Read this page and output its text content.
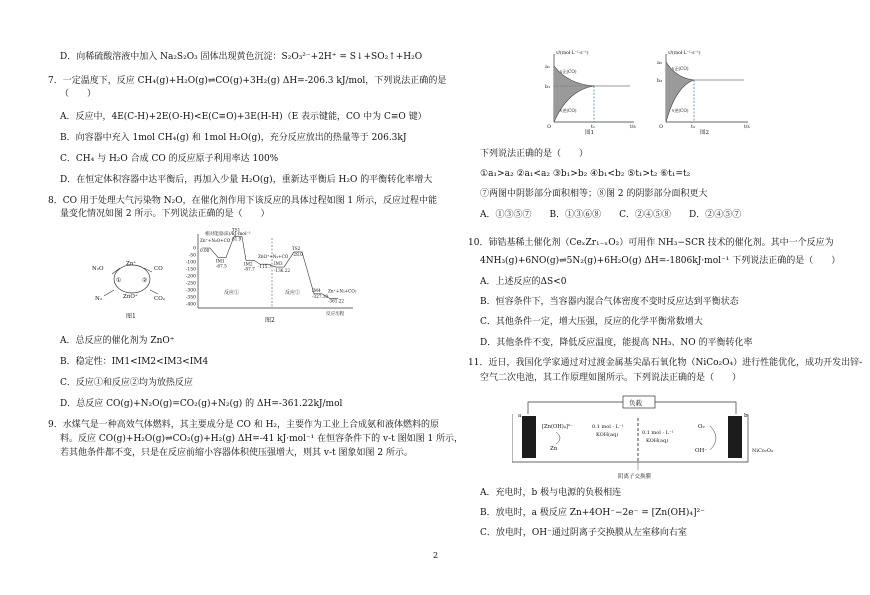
D．向稀硫酸溶液中加入 Na₂S₂O₃ 固体出现黄色沉淀：S₂O₃²⁻+2H⁺ = S↓+SO₂↑+H₂O
7．一定温度下，反应 CH₄(g)+H₂O(g)⇌CO(g)+3H₂(g) ΔH=-206.3 kJ/mol，下列说法正确的是
（　　）
A．反应中，4E(C-H)+2E(O-H)<E(C≡O)+3E(H-H)（E 表示键能，CO 中为 C≡O 键）
B．向容器中充入 1mol CH₄(g) 和 1mol H₂O(g)，充分反应放出的热量等于 206.3kJ
C．CH₄ 与 H₂O 合成 CO 的反应原子利用率达 100%
D．在恒定体积容器中达平衡后，再加入少量 H₂O(g)，重新达平衡后 H₂O 的平衡转化率增大
8．CO 用于处理大气污染物 N₂O，在催化剂作用下该反应的具体过程如图 1 所示，反应过程中能
量变化情况如图 2 所示。下列说法正确的是（　　）
N₂O
Zn⁺
CO
N₂	ZnO⁺	CO₂
①	②
图1
0
-50
-100
-150
-200
-250
-300
-350
-400
Zn⁺+N₂O+CO
0.00
IM1
-67.5
TS1
81.9
IM2
-87.7
ZnO⁺+N₂+CO
-115.7
IM3
-136.22
TS2
-28.0
IM4
-327.10
Zn⁺+N₂+CO₂
-361.22
相对能量(E)/kJ·mol⁻¹
反应历程
反应①	反应②
图2
A．总反应的催化剂为 ZnO⁺
B．稳定性：IM1<IM2<IM3<IM4
C．反应①和反应②均为放热反应
D．总反应 CO(g)+N₂O(g)=CO₂(g)+N₂(g) 的 ΔH=-361.22kJ/mol
9．水煤气是一种高效气体燃料，其主要成分是 CO 和 H₂，主要作为工业上合成氨和液体燃料的原
料。反应 CO(g)+H₂O(g)⇌CO₂(g)+H₂(g) ΔH=-41 kJ·mol⁻¹ 在恒容条件下的 v-t 图如图 1 所示，
若其他条件都不变，只是在反应前缩小容器体积使压强增大，则其 v-t 图象如图 2 所示。
v/(mol·L⁻¹·s⁻¹)
t/s
a₁
b₁
t₁
O
v正(CO)
v逆(CO)
图1
v/(mol·L⁻¹·s⁻¹)
t/s
a₂
b₂
t₂
O
v正(CO)
v逆(CO)
图2
下列说法正确的是（　　）
①a₁>a₂ ②a₁<a₂ ③b₁>b₂ ④b₁<b₂ ⑤t₁>t₂ ⑥t₁=t₂
⑦两图中阴影部分面积相等；⑧图 2 的阴影部分面积更大
A．①③⑤⑦　　B．①③⑥⑧　　C．②④⑤⑧　　D．②④⑤⑦
10．铈锆基稀土催化剂（CeₓZr₁₋ₓO₂）可用作 NH₃−SCR 技术的催化剂。其中一个反应为
4NH₃(g)+6NO(g)⇌5N₂(g)+6H₂O(g) ΔH=-1806kJ·mol⁻¹ 下列说法正确的是（　　）
A．上述反应的ΔS<0
B．恒容条件下，当容器内混合气体密度不变时反应达到平衡状态
C．其他条件一定，增大压强，反应的化学平衡常数增大
D．其他条件不变，降低反应温度，能提高 NH₃、NO 的平衡转化率
11．近日，我国化学家通过对过渡金属基尖晶石氧化物（NiCo₂O₄）进行性能优化，成功开发出锌-
空气二次电池，其工作原理如图所示。下列说法正确的是（　　）
负载
a	b
[Zn(OH)₄]²⁻
Zn
0.1 mol · L⁻¹
KOH(aq)	0.1 mol · L⁻¹
KOH(aq)
O₂
OH⁻	NiCo₂O₄
阴离子交换膜
A．充电时，b 极与电源的负极相连
B．放电时，a 极反应 Zn+4OH⁻−2e⁻ = [Zn(OH)₄]²⁻
C．放电时，OH⁻通过阴离子交换膜从左室移向右室
2
